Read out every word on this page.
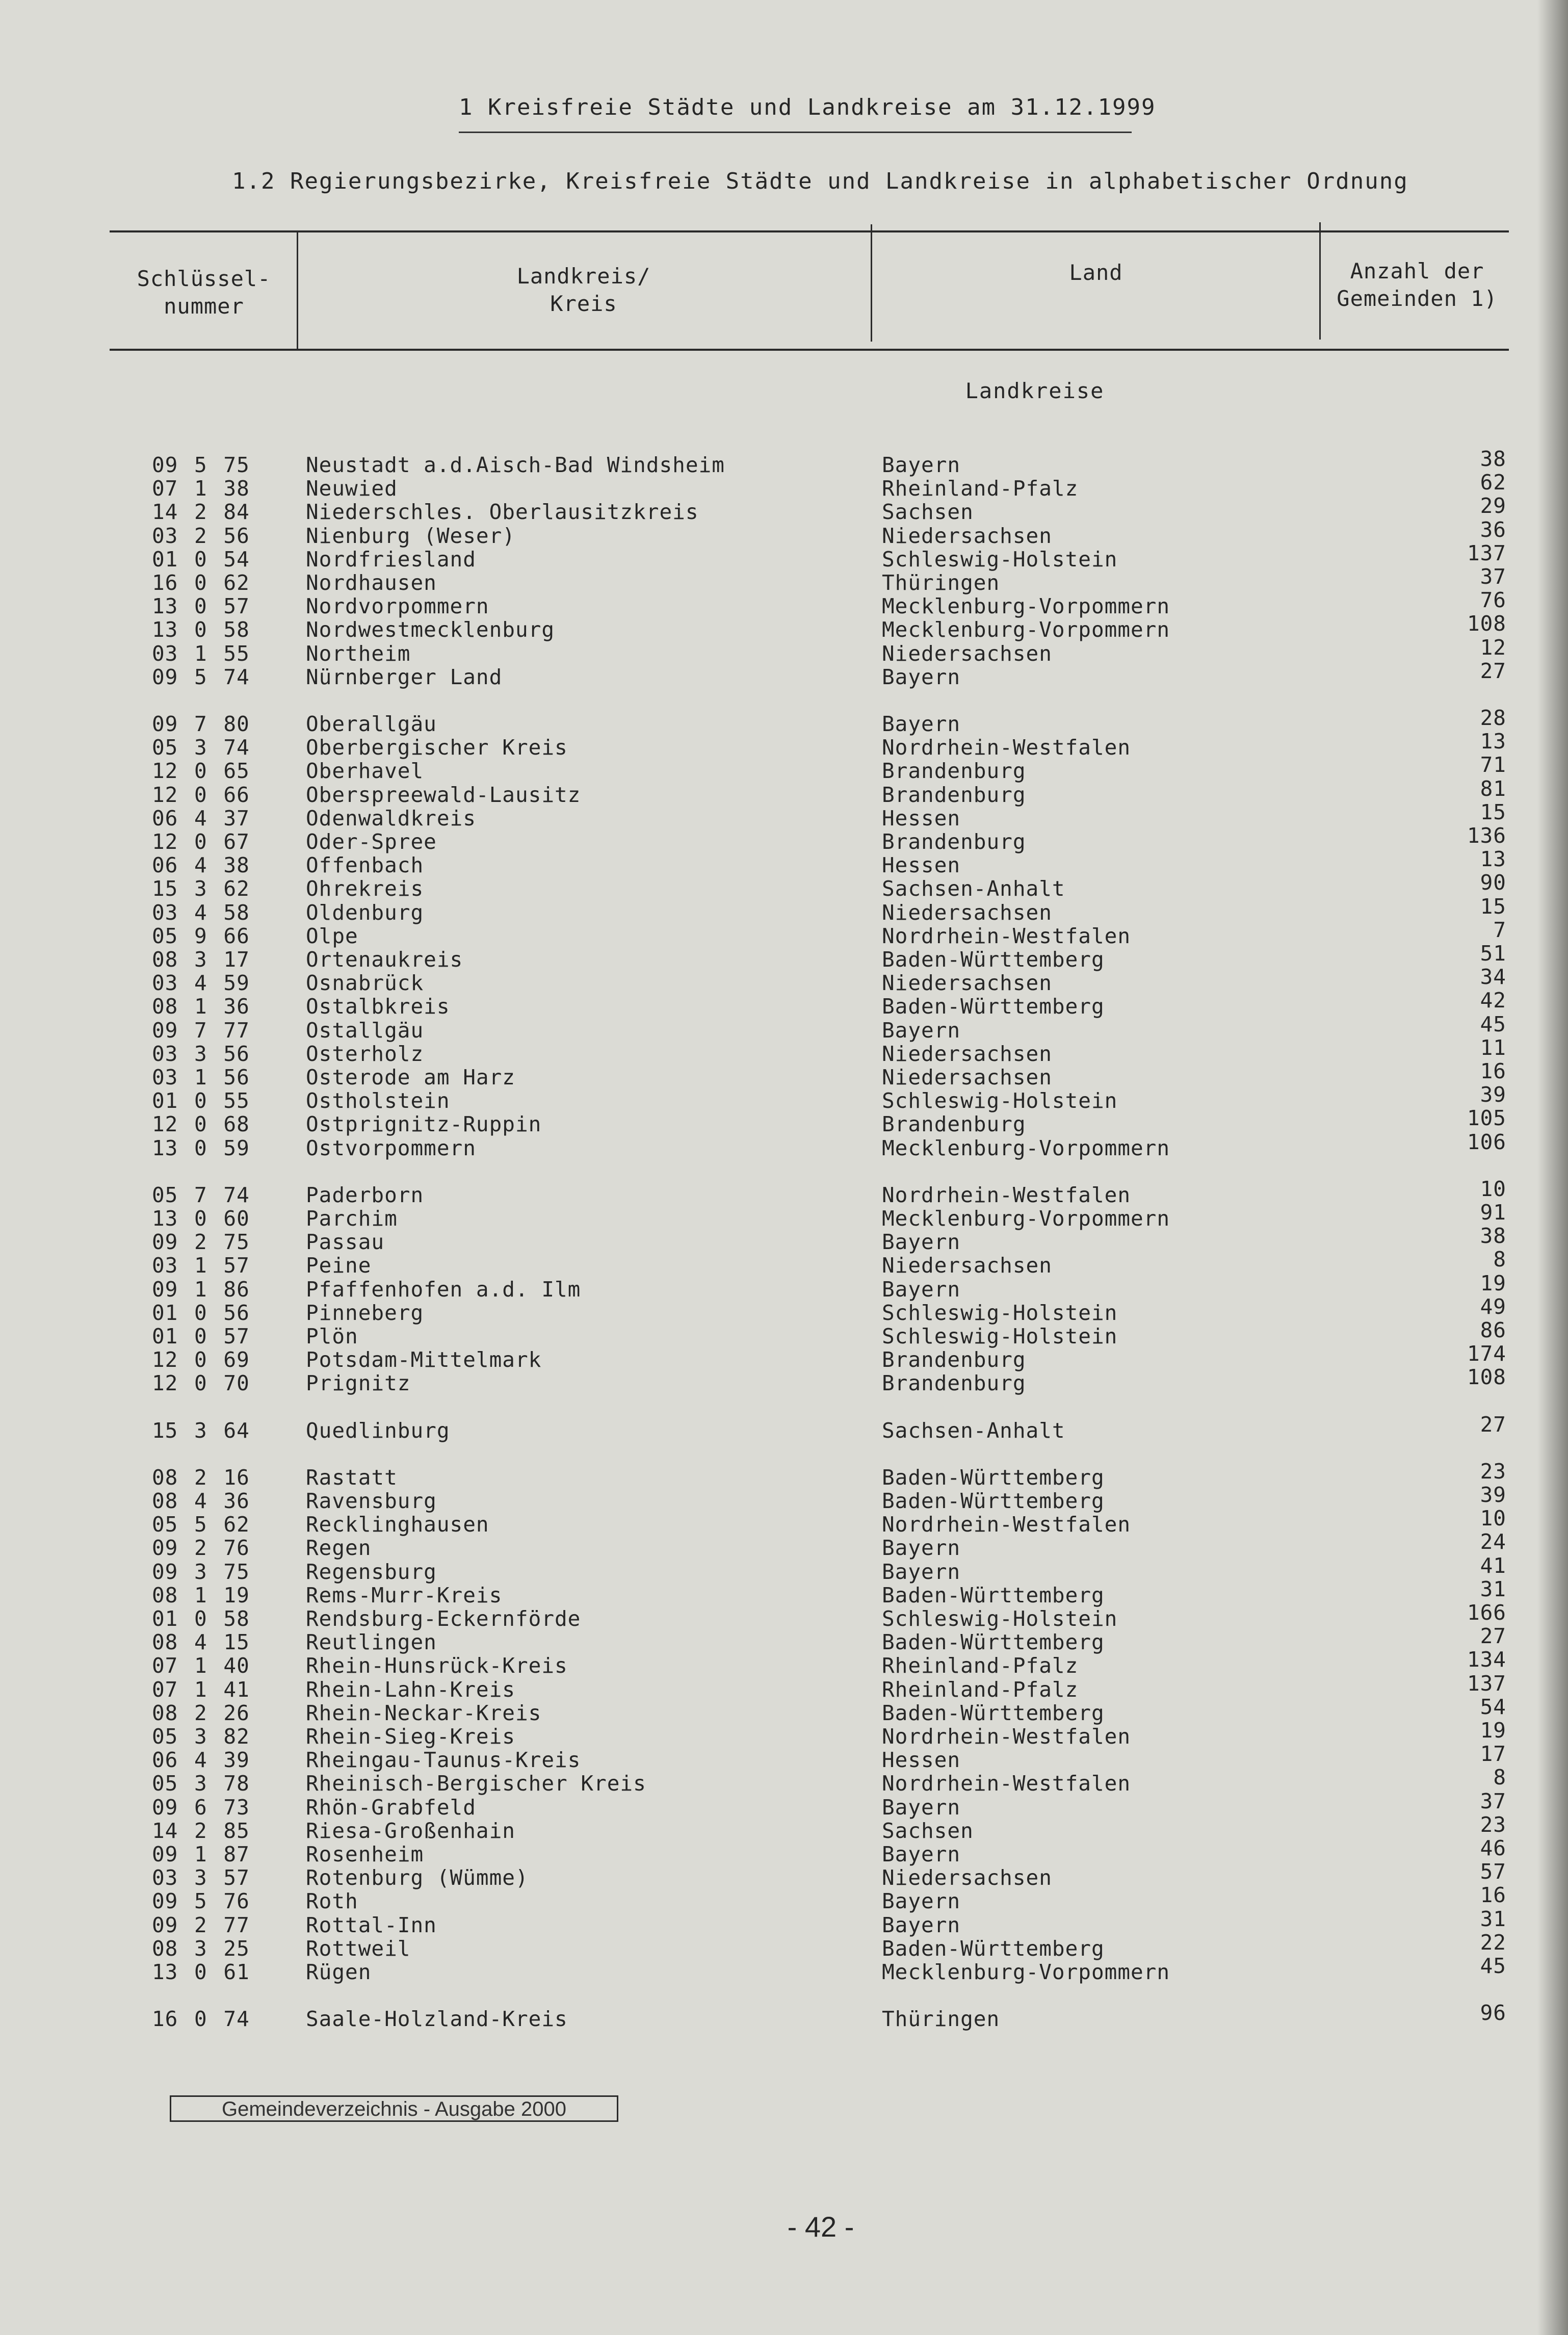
1 Kreisfreie Städte und Landkreise am 31.12.1999
1.2 Regierungsbezirke, Kreisfreie Städte und Landkreise in alphabetischer Ordnung
Schlüssel-
nummer
Landkreis/
Kreis
Land	Anzahl der
Gemeinden 1)
Landkreise
09 5 75	Neustadt a.d.Aisch-Bad Windsheim	Bayern	38
07 1 38	Neuwied	Rheinland-Pfalz	62
14 2 84	Niederschles. Oberlausitzkreis	Sachsen	29
03 2 56	Nienburg (Weser)	Niedersachsen	36
01 0 54	Nordfriesland	Schleswig-Holstein	137
16 0 62	Nordhausen	Thüringen	37
13 0 57	Nordvorpommern	Mecklenburg-Vorpommern	76
13 0 58	Nordwestmecklenburg	Mecklenburg-Vorpommern	108
03 1 55	Northeim	Niedersachsen	12
09 5 74	Nürnberger Land	Bayern	27
09 7 80	Oberallgäu	Bayern	28
05 3 74	Oberbergischer Kreis	Nordrhein-Westfalen	13
12 0 65	Oberhavel	Brandenburg	71
12 0 66	Oberspreewald-Lausitz	Brandenburg	81
06 4 37	Odenwaldkreis	Hessen	15
12 0 67	Oder-Spree	Brandenburg	136
06 4 38	Offenbach	Hessen	13
15 3 62	Ohrekreis	Sachsen-Anhalt	90
03 4 58	Oldenburg	Niedersachsen	15
05 9 66	Olpe	Nordrhein-Westfalen	7
08 3 17	Ortenaukreis	Baden-Württemberg	51
03 4 59	Osnabrück	Niedersachsen	34
08 1 36	Ostalbkreis	Baden-Württemberg	42
09 7 77	Ostallgäu	Bayern	45
03 3 56	Osterholz	Niedersachsen	11
03 1 56	Osterode am Harz	Niedersachsen	16
01 0 55	Ostholstein	Schleswig-Holstein	39
12 0 68	Ostprignitz-Ruppin	Brandenburg	105
13 0 59	Ostvorpommern	Mecklenburg-Vorpommern	106
05 7 74	Paderborn	Nordrhein-Westfalen	10
13 0 60	Parchim	Mecklenburg-Vorpommern	91
09 2 75	Passau	Bayern	38
03 1 57	Peine	Niedersachsen	8
09 1 86	Pfaffenhofen a.d. Ilm	Bayern	19
01 0 56	Pinneberg	Schleswig-Holstein	49
01 0 57	Plön	Schleswig-Holstein	86
12 0 69	Potsdam-Mittelmark	Brandenburg	174
12 0 70	Prignitz	Brandenburg	108
15 3 64	Quedlinburg	Sachsen-Anhalt	27
08 2 16	Rastatt	Baden-Württemberg	23
08 4 36	Ravensburg	Baden-Württemberg	39
05 5 62	Recklinghausen	Nordrhein-Westfalen	10
09 2 76	Regen	Bayern	24
09 3 75	Regensburg	Bayern	41
08 1 19	Rems-Murr-Kreis	Baden-Württemberg	31
01 0 58	Rendsburg-Eckernförde	Schleswig-Holstein	166
08 4 15	Reutlingen	Baden-Württemberg	27
07 1 40	Rhein-Hunsrück-Kreis	Rheinland-Pfalz	134
07 1 41	Rhein-Lahn-Kreis	Rheinland-Pfalz	137
08 2 26	Rhein-Neckar-Kreis	Baden-Württemberg	54
05 3 82	Rhein-Sieg-Kreis	Nordrhein-Westfalen	19
06 4 39	Rheingau-Taunus-Kreis	Hessen	17
05 3 78	Rheinisch-Bergischer Kreis	Nordrhein-Westfalen	8
09 6 73	Rhön-Grabfeld	Bayern	37
14 2 85	Riesa-Großenhain	Sachsen	23
09 1 87	Rosenheim	Bayern	46
03 3 57	Rotenburg (Wümme)	Niedersachsen	57
09 5 76	Roth	Bayern	16
09 2 77	Rottal-Inn	Bayern	31
08 3 25	Rottweil	Baden-Württemberg	22
13 0 61	Rügen	Mecklenburg-Vorpommern	45
16 0 74	Saale-Holzland-Kreis	Thüringen	96
Gemeindeverzeichnis - Ausgabe 2000
- 42 -
